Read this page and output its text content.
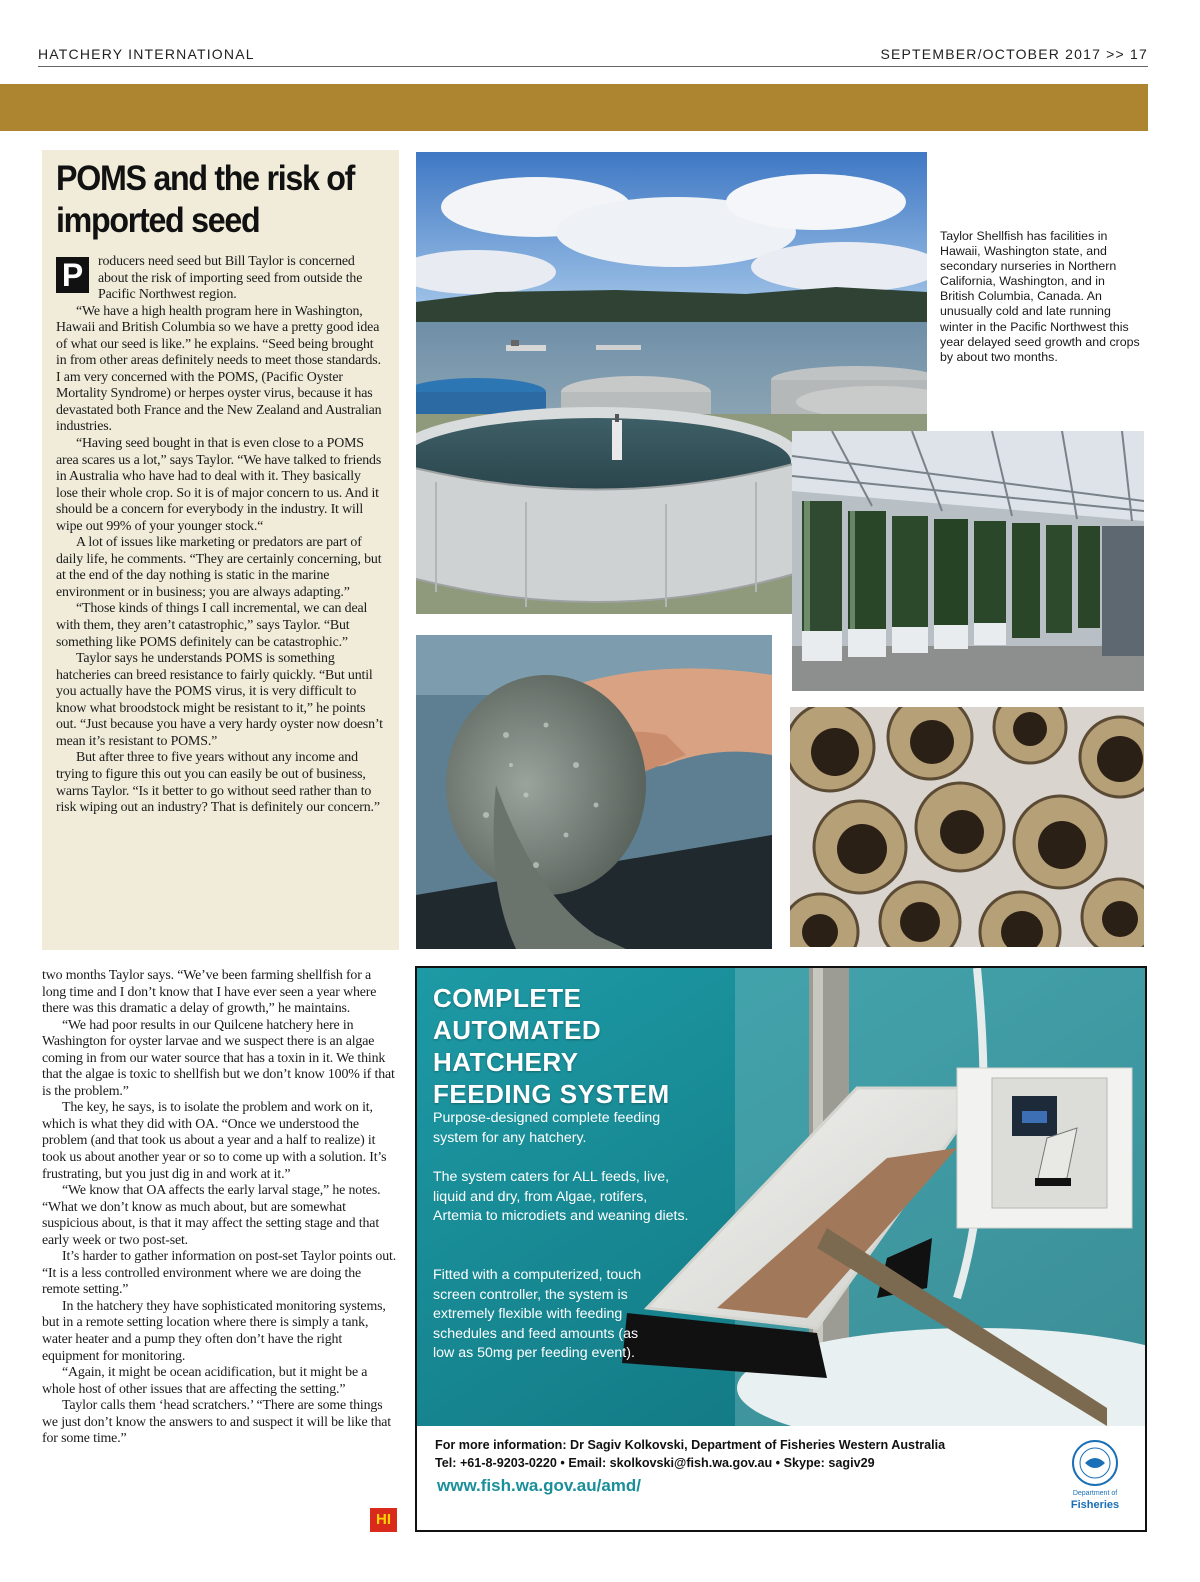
HATCHERY INTERNATIONAL	SEPTEMBER/OCTOBER 2017 >> 17
POMS and the risk of imported seed

P	roducers need seed but Bill Taylor is concerned about the risk of importing seed from outside the Pacific Northwest region.

“We have a high health program here in Washington, Hawaii and British Columbia so we have a pretty good idea of what our seed is like.” he explains. “Seed being brought in from other areas definitely needs to meet those standards. I am very concerned with the POMS, (Pacific Oyster Mortality Syndrome) or herpes oyster virus, because it has devastated both France and the New Zealand and Australian industries.

“Having seed bought in that is even close to a POMS area scares us a lot,” says Taylor. “We have talked to friends in Australia who have had to deal with it. They basically lose their whole crop. So it is of major concern to us. And it should be a concern for everybody in the industry. It will wipe out 99% of your younger stock.“

A lot of issues like marketing or predators are part of daily life, he comments. “They are certainly concerning, but at the end of the day nothing is static in the marine environment or in business; you are always adapting.”

“Those kinds of things I call incremental, we can deal with them, they aren’t catastrophic,” says Taylor. “But something like POMS definitely can be catastrophic.”

Taylor says he understands POMS is something hatcheries can breed resistance to fairly quickly. “But until you actually have the POMS virus, it is very difficult to know what broodstock might be resistant to it,” he points out. “Just because you have a very hardy oyster now doesn’t mean it’s resistant to POMS.”

But after three to five years without any income and trying to figure this out you can easily be out of business, warns Taylor. “Is it better to go without seed rather than to risk wiping out an industry? That is definitely our concern.”

Taylor Shellfish has facilities in Hawaii, Washington state, and secondary nurseries in Northern California, Washington, and in British Columbia, Canada. An unusually cold and late running winter in the Pacific Northwest this year delayed seed growth and crops by about two months.

two months Taylor says. “We’ve been farming shellfish for a long time and I don’t know that I have ever seen a year where there was this dramatic a delay of growth,” he maintains.

“We had poor results in our Quilcene hatchery here in Washington for oyster larvae and we suspect there is an algae coming in from our water source that has a toxin in it. We think that the algae is toxic to shellfish but we don’t know 100% if that is the problem.”

The key, he says, is to isolate the problem and work on it, which is what they did with OA. “Once we understood the problem (and that took us about a year and a half to realize) it took us about another year or so to come up with a solution. It’s frustrating, but you just dig in and work at it.”

“We know that OA affects the early larval stage,” he notes. “What we don’t know as much about, but are somewhat suspicious about, is that it may affect the setting stage and that early week or two post-set.

It’s harder to gather information on post-set Taylor points out. “It is a less controlled environment where we are doing the remote setting.”

In the hatchery they have sophisticated monitoring systems, but in a remote setting location where there is simply a tank, water heater and a pump they often don’t have the right equipment for monitoring.

“Again, it might be ocean acidification, but it might be a whole host of other issues that are affecting the setting.”

Taylor calls them ‘head scratchers.’ “There are some things we just don’t know the answers to and suspect it will be like that for some time.”

HI
COMPLETE
AUTOMATED
HATCHERY
FEEDING SYSTEM
Purpose-designed complete feeding system for any hatchery.
The system caters for ALL feeds, live, liquid and dry, from Algae, rotifers, Artemia to microdiets and weaning diets.
Fitted with a computerized, touch screen controller, the system is extremely flexible with feeding schedules and feed amounts (as low as 50mg per feeding event).
For more information: Dr Sagiv Kolkovski, Department of Fisheries Western Australia
Tel: +61-8-9203-0220 • Email: skolkovski@fish.wa.gov.au • Skype: sagiv29
www.fish.wa.gov.au/amd/	Department of
Fisheries
